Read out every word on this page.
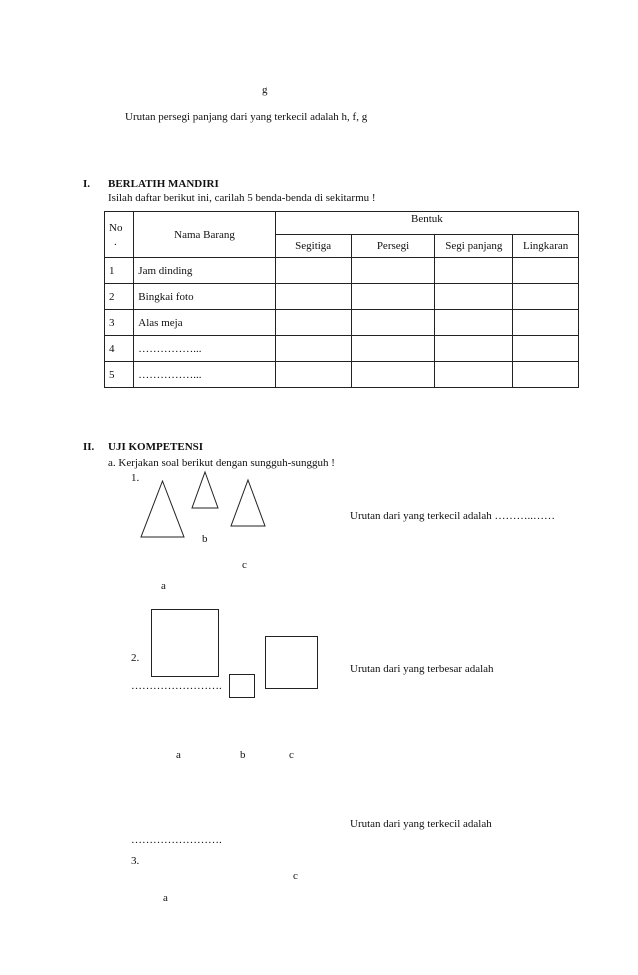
g
Urutan persegi panjang dari yang terkecil adalah h, f, g
I. BERLATIH MANDIRI
Isilah daftar berikut ini, carilah 5 benda-benda di sekitarmu !
No
.	Nama Barang	Bentuk			
		Segitiga	Persegi	Segi panjang	Lingkaran
1	Jam dinding				
2	Bingkai foto				
3	Alas meja				
4	……………...				
5	……………...				
II. UJI KOMPETENSI
a. Kerjakan soal berikut dengan sungguh-sungguh !
1.
Urutan dari yang terkecil adalah ………..……
b
c
a
2.
Urutan dari yang terbesar adalah
…………………….
a	b	c
Urutan dari yang terkecil adalah
…………………….
3.
c
a
